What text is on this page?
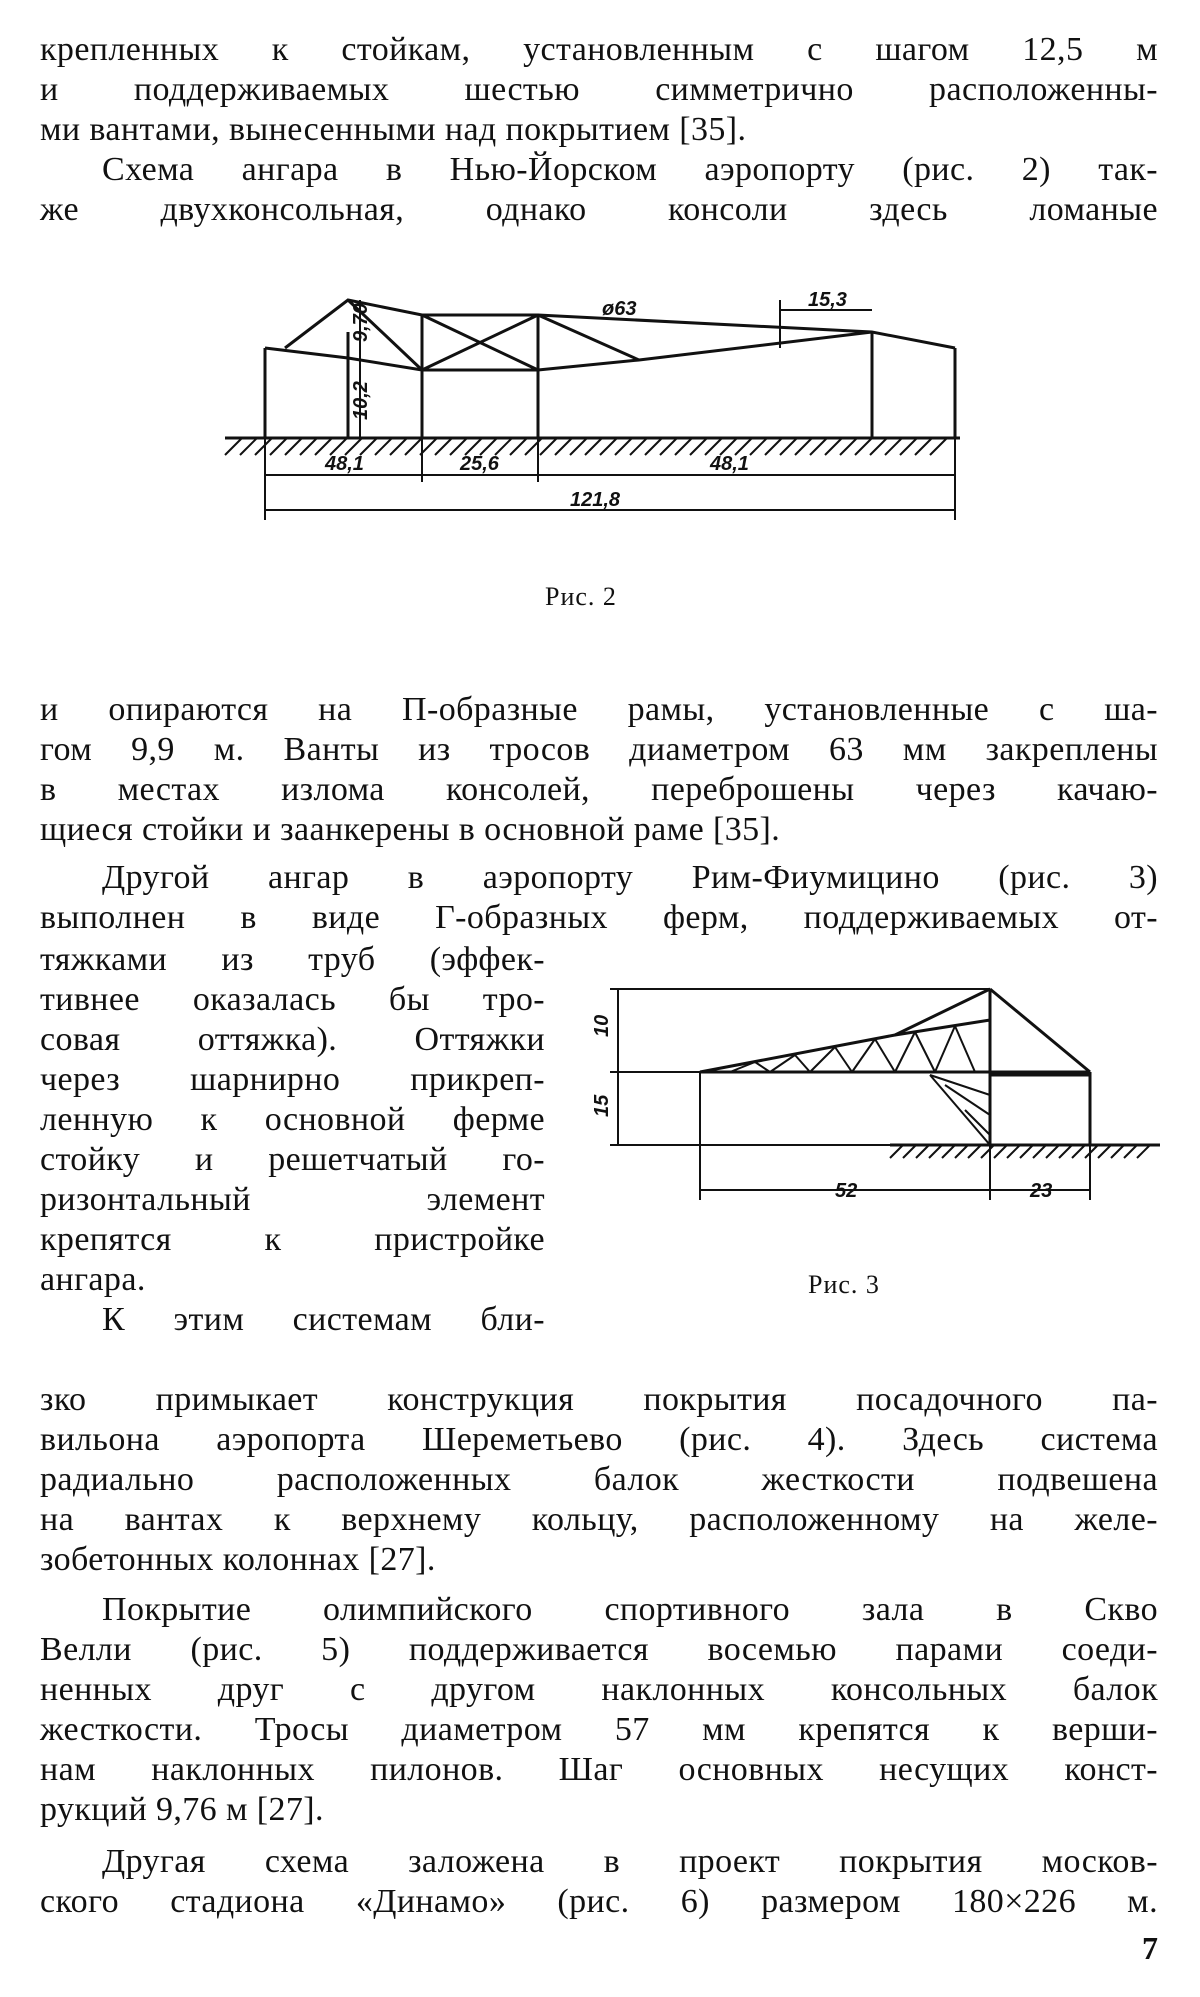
крепленных к стойкам, установленным с шагом 12,5 м
и поддерживаемых шестью симметрично расположенны-
ми вантами, вынесенными над покрытием [35].
Схема ангара в Нью-Йорском аэропорту (рис. 2) так-
же двухконсольная, однако консоли здесь ломаные
9,70
10,2
ø63	15,3
48,1	25,6	48,1
121,8
Рис. 2
и опираются на П-образные рамы, установленные с ша-
гом 9,9 м. Ванты из тросов диаметром 63 мм закреплены
в местах излома консолей, переброшены через качаю-
щиеся стойки и заанкерены в основной раме [35].
Другой ангар в аэропорту Рим-Фиумицино (рис. 3)
выполнен в виде Г-образных ферм, поддерживаемых от-
тяжками из труб (эффек-
тивнее оказалась бы тро-
совая оттяжка). Оттяжки
через шарнирно прикреп-
ленную к основной ферме
стойку и решетчатый го-
ризонтальный элемент
крепятся к пристройке
ангара.
К этим системам бли-
10
15
52	23
Рис. 3
зко примыкает конструкция покрытия посадочного па-
вильона аэропорта Шереметьево (рис. 4). Здесь система
радиально расположенных балок жесткости подвешена
на вантах к верхнему кольцу, расположенному на желе-
зобетонных колоннах [27].
Покрытие олимпийского спортивного зала в Скво
Велли (рис. 5) поддерживается восемью парами соеди-
ненных друг с другом наклонных консольных балок
жесткости. Тросы диаметром 57 мм крепятся к верши-
нам наклонных пилонов. Шаг основных несущих конст-
рукций 9,76 м [27].
Другая схема заложена в проект покрытия москов-
ского стадиона «Динамо» (рис. 6) размером 180×226 м.
7
